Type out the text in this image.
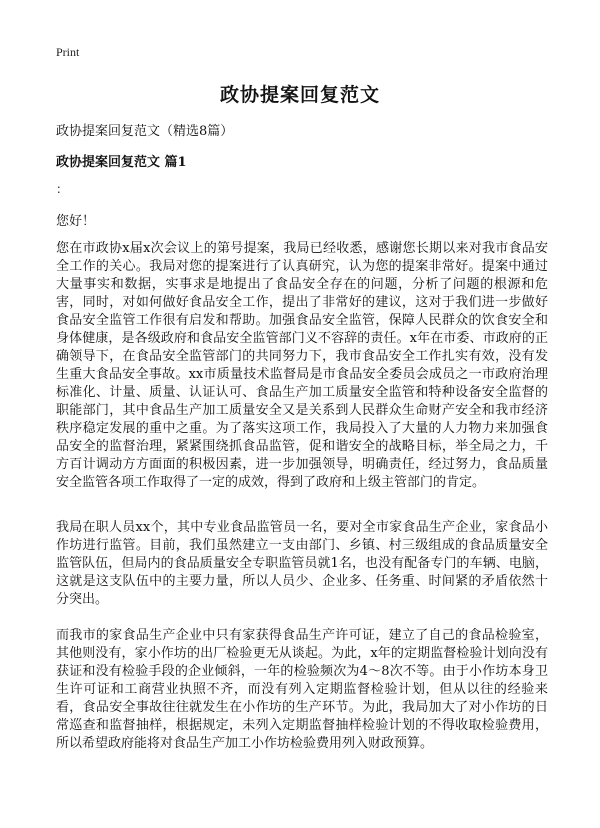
Print
政协提案回复范文

政协提案回复范文（精选8篇）

政协提案回复范文 篇1

：

您好！

您在市政协x届x次会议上的第号提案，我局已经收悉，感谢您长期以来对我市食品安全工作的关心。我局对您的提案进行了认真研究，认为您的提案非常好。提案中通过大量事实和数据，实事求是地提出了食品安全存在的问题，分析了问题的根源和危害，同时，对如何做好食品安全工作，提出了非常好的建议，这对于我们进一步做好食品安全监管工作很有启发和帮助。加强食品安全监管，保障人民群众的饮食安全和身体健康，是各级政府和食品安全监管部门义不容辞的责任。x年在市委、市政府的正确领导下，在食品安全监管部门的共同努力下，我市食品安全工作扎实有效，没有发生重大食品安全事故。xx市质量技术监督局是市食品安全委员会成员之一市政府治理标准化、计量、质量、认证认可、食品生产加工质量安全监管和特种设备安全监督的职能部门，其中食品生产加工质量安全又是关系到人民群众生命财产安全和我市经济秩序稳定发展的重中之重。为了落实这项工作，我局投入了大量的人力物力来加强食品安全的监督治理，紧紧围绕抓食品监管，促和谐安全的战略目标，举全局之力，千方百计调动方方面面的积极因素，进一步加强领导，明确责任，经过努力，食品质量安全监管各项工作取得了一定的成效，得到了政府和上级主管部门的肯定。

我局在职人员xx个，其中专业食品监管员一名，要对全市家食品生产企业，家食品小作坊进行监管。目前，我们虽然建立一支由部门、乡镇、村三级组成的食品质量安全监管队伍，但局内的食品质量安全专职监管员就1名，也没有配备专门的车辆、电脑，这就是这支队伍中的主要力量，所以人员少、企业多、任务重、时间紧的矛盾依然十分突出。

而我市的家食品生产企业中只有家获得食品生产许可证，建立了自己的食品检验室，其他则没有，家小作坊的出厂检验更无从谈起。为此，x年的定期监督检验计划向没有获证和没有检验手段的企业倾斜，一年的检验频次为4～8次不等。由于小作坊本身卫生许可证和工商营业执照不齐，而没有列入定期监督检验计划，但从以往的经验来看，食品安全事故往往就发生在小作坊的生产环节。为此，我局加大了对小作坊的日常巡查和监督抽样，根据规定，未列入定期监督抽样检验计划的不得收取检验费用，所以希望政府能将对食品生产加工小作坊检验费用列入财政预算。
